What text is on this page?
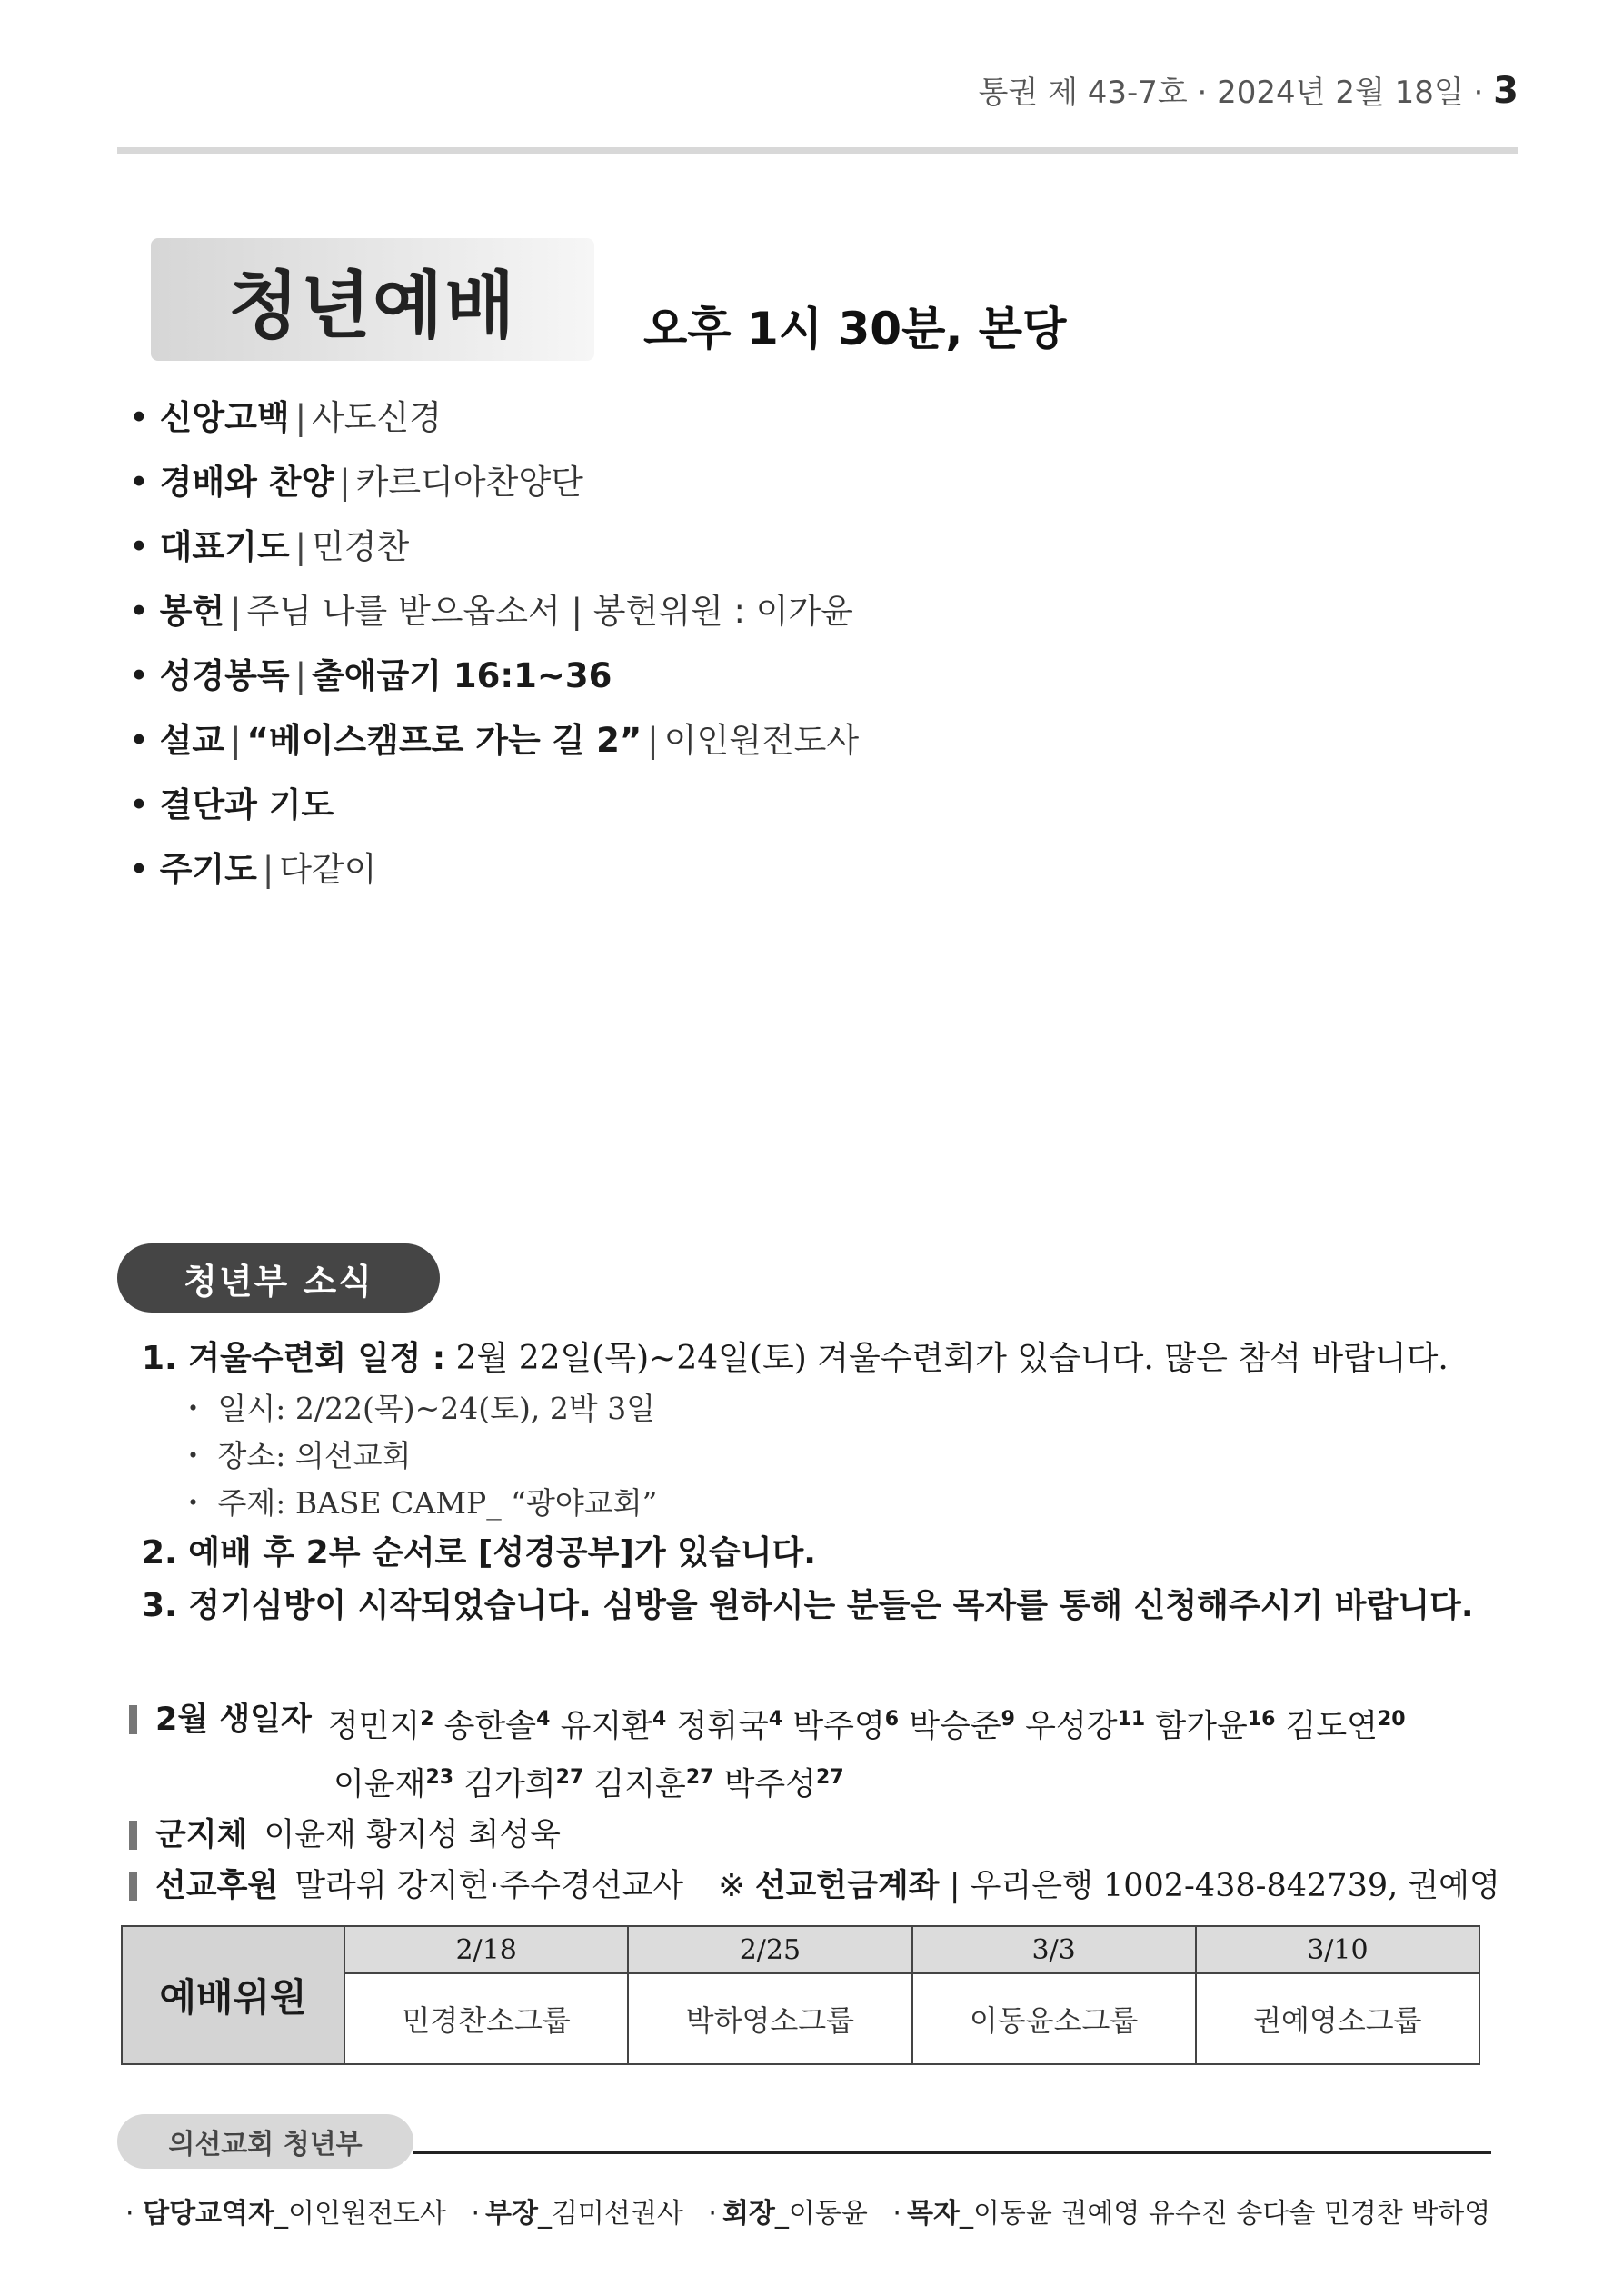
통권 제 43-7호 · 2024년 2월 18일 · 3
청년예배	오후 1시 30분, 본당
• 신앙고백 | 사도신경
• 경배와 찬양 | 카르디아찬양단
• 대표기도 | 민경찬
• 봉헌 | 주님 나를 받으옵소서 | 봉헌위원 : 이가윤
• 성경봉독 | 출애굽기 16:1~36
• 설교 | “베이스캠프로 가는 길 2” | 이인원전도사
• 결단과 기도
• 주기도 | 다같이
청년부 소식
1. 겨울수련회 일정 : 2월 22일(목)~24일(토) 겨울수련회가 있습니다. 많은 참석 바랍니다.
・ 일시: 2/22(목)~24(토), 2박 3일
・ 장소: 의선교회
・ 주제: BASE CAMP_ “광야교회”
2. 예배 후 2부 순서로 [성경공부]가 있습니다.
3. 정기심방이 시작되었습니다. 심방을 원하시는 분들은 목자를 통해 신청해주시기 바랍니다.
2월 생일자 정민지$^2$ 송한솔$^4$ 유지환$^4$ 정휘국$^4$ 박주영$^6$ 박승준$^9$ 우성강$^{11}$ 함가윤$^{16}$ 김도연$^{20}$
이윤재$^{23}$ 김가희$^{27}$ 김지훈$^{27}$ 박주성$^{27}$
군지체 이윤재 황지성 최성욱
선교후원 말라위 강지헌·주수경선교사 ※ 선교헌금계좌 | 우리은행 1002-438-842739, 권예영
예배위원	2/18	2/25	3/3	3/10
	민경찬소그룹	박하영소그룹	이동윤소그룹	권예영소그룹
의선교회 청년부
· 담당교역자_이인원전도사 · 부장_김미선권사 · 회장_이동윤 · 목자_이동윤 권예영 유수진 송다솔 민경찬 박하영
